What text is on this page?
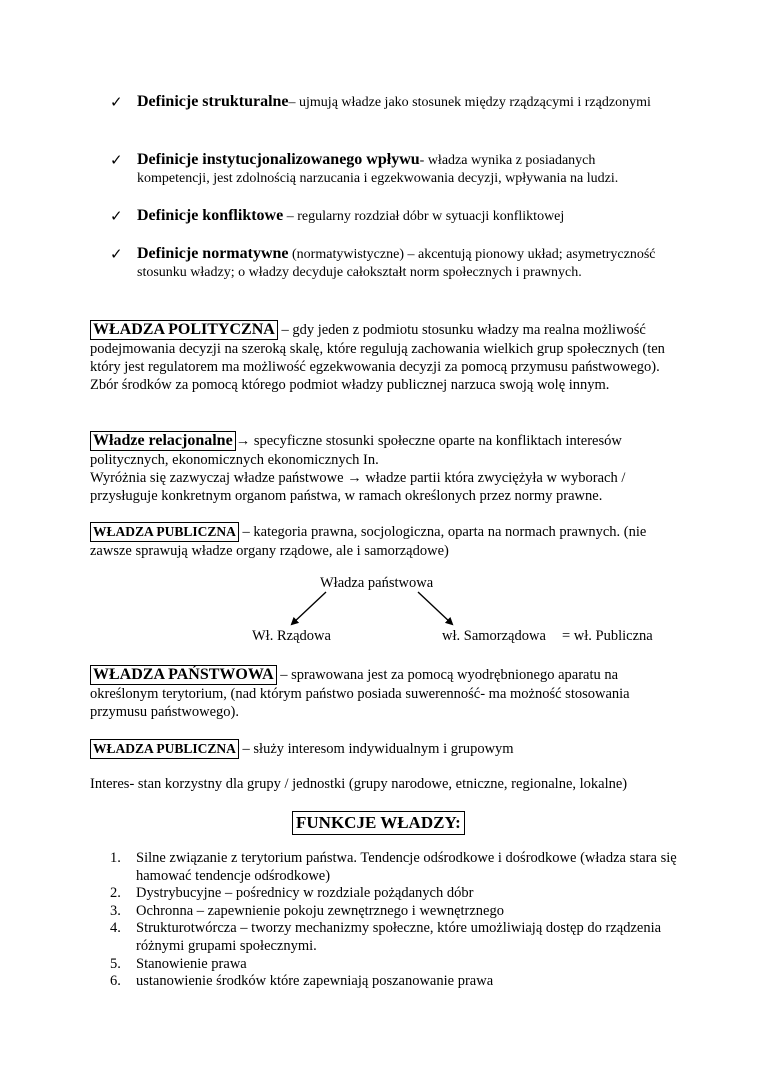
✓ Definicje strukturalne– ujmują władze jako stosunek między rządzącymi i rządzonymi
✓ Definicje instytucjonalizowanego wpływu- władza wynika z posiadanych kompetencji, jest zdolnością narzucania i egzekwowania decyzji, wpływania na ludzi.
✓ Definicje konfliktowe – regularny rozdział dóbr w sytuacji konfliktowej
✓ Definicje normatywne (normatywistyczne) – akcentują pionowy układ; asymetryczność stosunku władzy; o władzy decyduje całokształt norm społecznych i prawnych.
WŁADZA POLITYCZNA – gdy jeden z podmiotu stosunku władzy ma realna możliwość podejmowania decyzji na szeroką skalę, które regulują zachowania wielkich grup społecznych (ten który jest regulatorem ma możliwość egzekwowania decyzji za pomocą przymusu państwowego). Zbór środków za pomocą którego podmiot władzy publicznej narzuca swoją wolę innym.
Władze relacjonalne → specyficzne stosunki społeczne oparte na konfliktach interesów politycznych, ekonomicznych ekonomicznych In.
Wyróżnia się zazwyczaj władze państwowe → władze partii która zwyciężyła w wyborach / przysługuje konkretnym organom państwa, w ramach określonych przez normy prawne.
WŁADZA PUBLICZNA – kategoria prawna, socjologiczna, oparta na normach prawnych. (nie zawsze sprawują władze organy rządowe, ale i samorządowe)
Władza państwowa
Wł. Rządowa	wł. Samorządowa = wł. Publiczna
WŁADZA PAŃSTWOWA – sprawowana jest za pomocą wyodrębnionego aparatu na określonym terytorium, (nad którym państwo posiada suwerenność- ma możność stosowania przymusu państwowego).
WŁADZA PUBLICZNA – służy interesom indywidualnym i grupowym
Interes- stan korzystny dla grupy / jednostki (grupy narodowe, etniczne, regionalne, lokalne)
FUNKCJE WŁADZY:
1.	Silne związanie z terytorium państwa. Tendencje odśrodkowe i dośrodkowe (władza stara się hamować tendencje odśrodkowe)
2.	Dystrybucyjne – pośrednicy w rozdziale pożądanych dóbr
3.	Ochronna – zapewnienie pokoju zewnętrznego i wewnętrznego
4.	Strukturotwórcza – tworzy mechanizmy społeczne, które umożliwiają dostęp do rządzenia różnymi grupami społecznymi.
5.	Stanowienie prawa
6.	ustanowienie środków które zapewniają poszanowanie prawa
